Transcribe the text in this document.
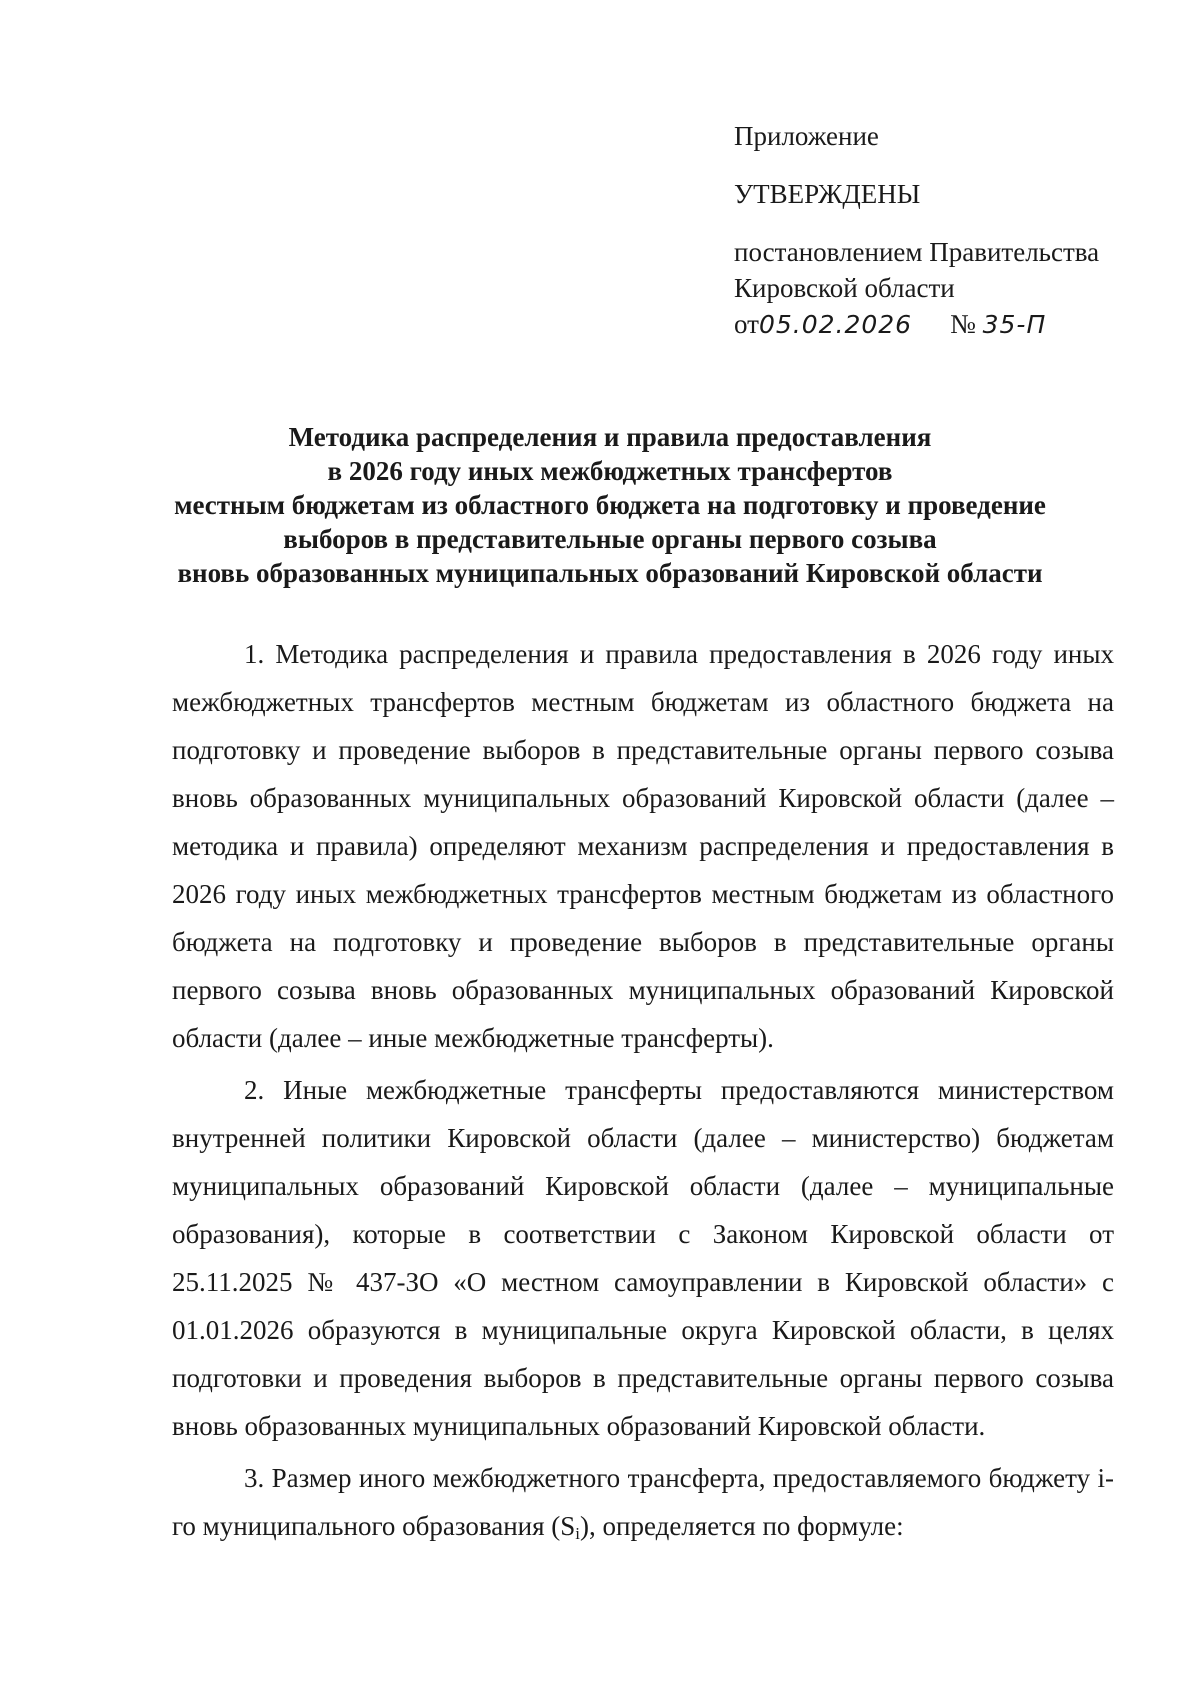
Приложение
УТВЕРЖДЕНЫ
постановлением Правительства
Кировской области
от05.02.2026 № 35-П
Методика распределения и правила предоставления
в 2026 году иных межбюджетных трансфертов
местным бюджетам из областного бюджета на подготовку и проведение
выборов в представительные органы первого созыва
вновь образованных муниципальных образований Кировской области

1. Методика распределения и правила предоставления в 2026 году иных межбюджетных трансфертов местным бюджетам из областного бюджета на подготовку и проведение выборов в представительные органы первого созыва вновь образованных муниципальных образований Кировской области (далее – методика и правила) определяют механизм распределения и предоставления в 2026 году иных межбюджетных трансфертов местным бюджетам из областного бюджета на подготовку и проведение выборов в представительные органы первого созыва вновь образованных муниципальных образований Кировской области (далее – иные межбюджетные трансферты).

2. Иные межбюджетные трансферты предоставляются министерством внутренней политики Кировской области (далее – министерство) бюджетам муниципальных образований Кировской области (далее – муниципальные образования), которые в соответствии с Законом Кировской области от 25.11.2025 № 437-ЗО «О местном самоуправлении в Кировской области» с 01.01.2026 образуются в муниципальные округа Кировской области, в целях подготовки и проведения выборов в представительные органы первого созыва вновь образованных муниципальных образований Кировской области.

3. Размер иного межбюджетного трансферта, предоставляемого бюджету i-го муниципального образования $(S_i)$, определяется по формуле:
